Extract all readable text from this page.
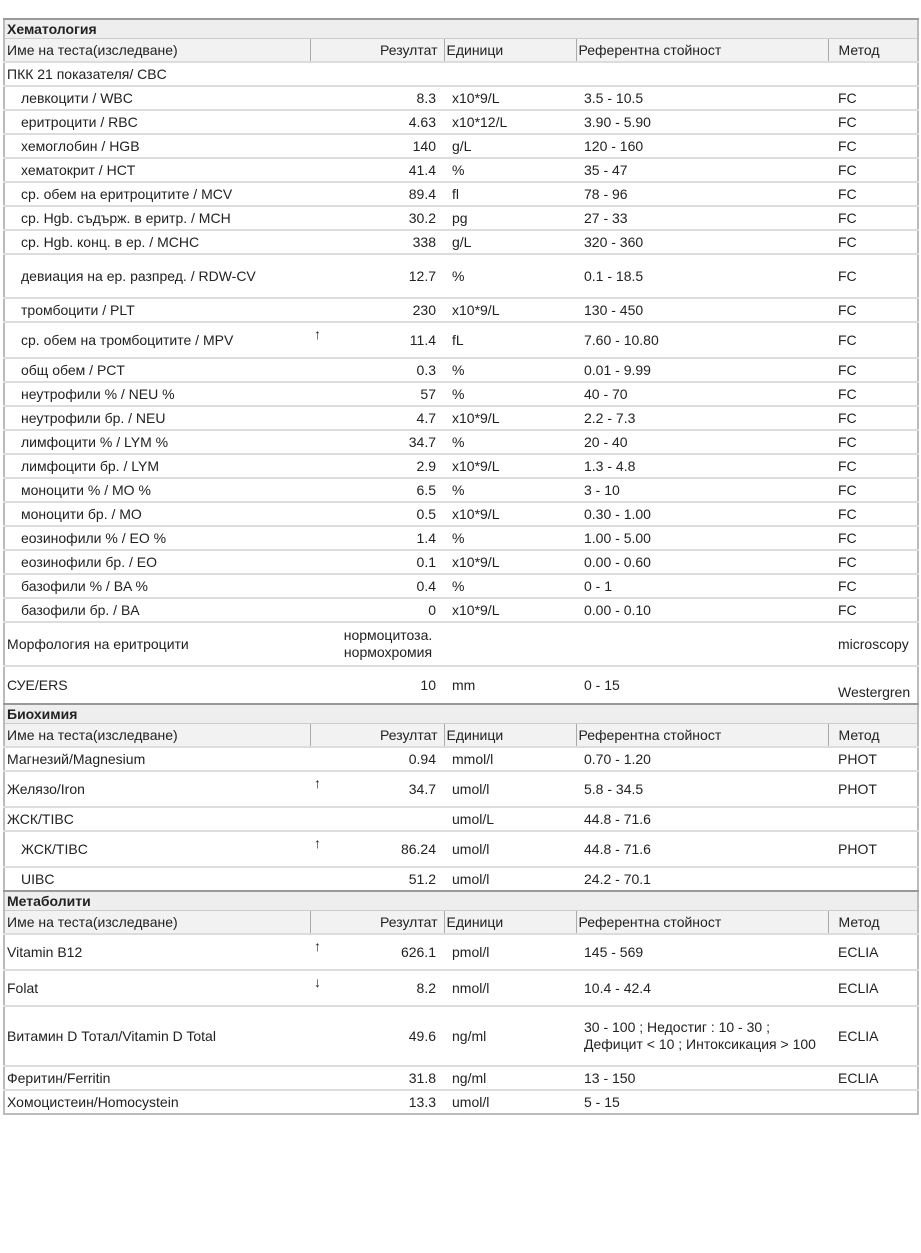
Хематология					
Име на теста(изследване)	Резултат		Единици	Референтна стойност	Метод
ПКК 21 показателя/ CBC					
левкоцити / WBC		8.3	x10*9/L	3.5 - 10.5	FC
еритроцити / RBC		4.63	x10*12/L	3.90 - 5.90	FC
хемоглобин / HGB		140	g/L	120 - 160	FC
хематокрит / HCT		41.4	%	35 - 47	FC
ср. обем на еритроцитите / MCV		89.4	fl	78 - 96	FC
ср. Hgb. съдърж. в еритр. / MCH		30.2	pg	27 - 33	FC
ср. Hgb. конц. в ер. / MCHC		338	g/L	320 - 360	FC
девиация на ер. разпред. / RDW-CV		12.7	%	0.1 - 18.5	FC
тромбоцити / PLT		230	x10*9/L	130 - 450	FC
ср. обем на тромбоцитите / MPV	↑	11.4	fL	7.60 - 10.80	FC
общ обем / PCT		0.3	%	0.01 - 9.99	FC
неутрофили % / NEU %		57	%	40 - 70	FC
неутрофили бр. / NEU		4.7	x10*9/L	2.2 - 7.3	FC
лимфоцити % / LYM %		34.7	%	20 - 40	FC
лимфоцити бр. / LYM		2.9	x10*9/L	1.3 - 4.8	FC
моноцити % / MO %		6.5	%	3 - 10	FC
моноцити бр. / MO		0.5	x10*9/L	0.30 - 1.00	FC
еозинофили % / EO %		1.4	%	1.00 - 5.00	FC
еозинофили бр. / EO		0.1	x10*9/L	0.00 - 0.60	FC
базофили % / BA %		0.4	%	0 - 1	FC
базофили бр. / BA		0	x10*9/L	0.00 - 0.10	FC
Морфология на еритроцити		нормоцитоза. нормохромия			microscopy
СУЕ/ERS		10	mm	0 - 15	Westergren
Биохимия					
Име на теста(изследване)	Резултат		Единици	Референтна стойност	Метод
Магнезий/Magnesium		0.94	mmol/l	0.70 - 1.20	PHOT
Желязо/Iron	↑	34.7	umol/l	5.8 - 34.5	PHOT
ЖСК/TIBC			umol/L	44.8 - 71.6	
ЖСК/TIBC	↑	86.24	umol/l	44.8 - 71.6	PHOT
UIBC		51.2	umol/l	24.2 - 70.1	
Метаболити					
Име на теста(изследване)	Резултат		Единици	Референтна стойност	Метод
Vitamin B12	↑	626.1	pmol/l	145 - 569	ECLIA
Folat	↓	8.2	nmol/l	10.4 - 42.4	ECLIA
Витамин D Тотал/Vitamin D Total		49.6	ng/ml	30 - 100 ; Недостиг : 10 - 30 ; Дефицит < 10 ; Интоксикация > 100	ECLIA
Феритин/Ferritin		31.8	ng/ml	13 - 150	ECLIA
Хомоцистеин/Homocystein		13.3	umol/l	5 - 15	
